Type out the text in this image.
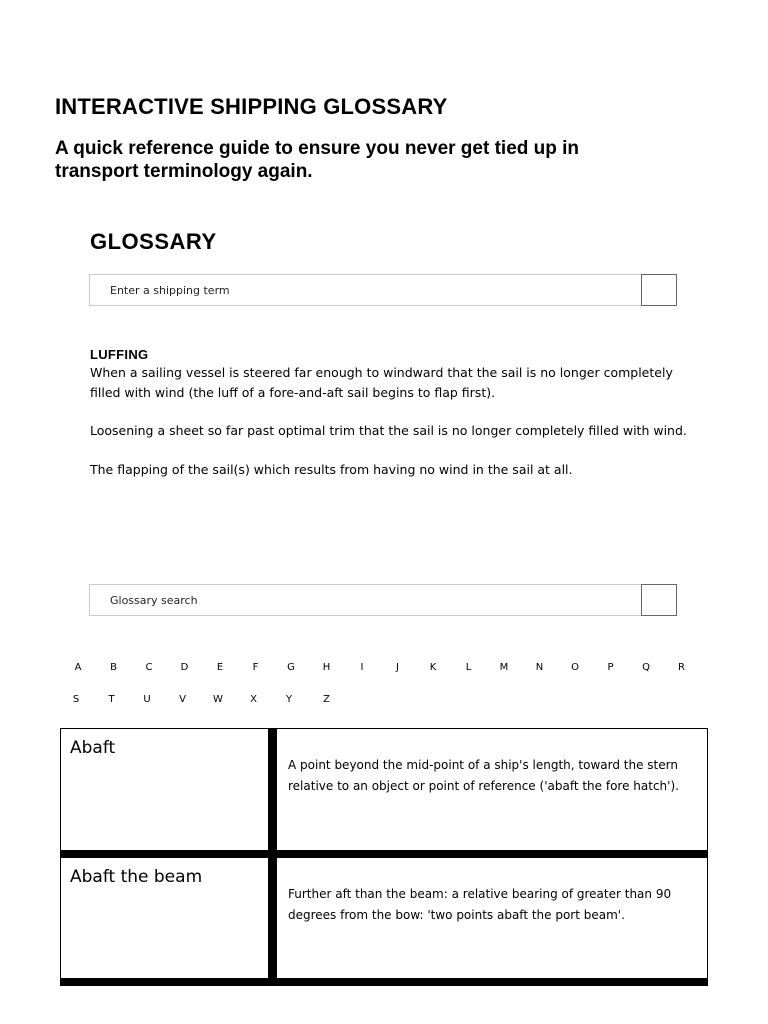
INTERACTIVE SHIPPING GLOSSARY

A quick reference guide to ensure you never get tied up in transport terminology again.

GLOSSARY
Enter a shipping term
LUFFING

When a sailing vessel is steered far enough to windward that the sail is no longer completely filled with wind (the luff of a fore-and-aft sail begins to flap first).

Loosening a sheet so far past optimal trim that the sail is no longer completely filled with wind.

The flapping of the sail(s) which results from having no wind in the sail at all.

Glossary search
A	B	C	D	E	F	G	H	I	J	K	L	M	N	O	P	Q	R
S	T	U	V	W	X	Y	Z
Abaft	A point beyond the mid-point of a ship's length, toward the stern relative to an object or point of reference ('abaft the fore hatch').
Abaft the beam	Further aft than the beam: a relative bearing of greater than 90 degrees from the bow: 'two points abaft the port beam'.
